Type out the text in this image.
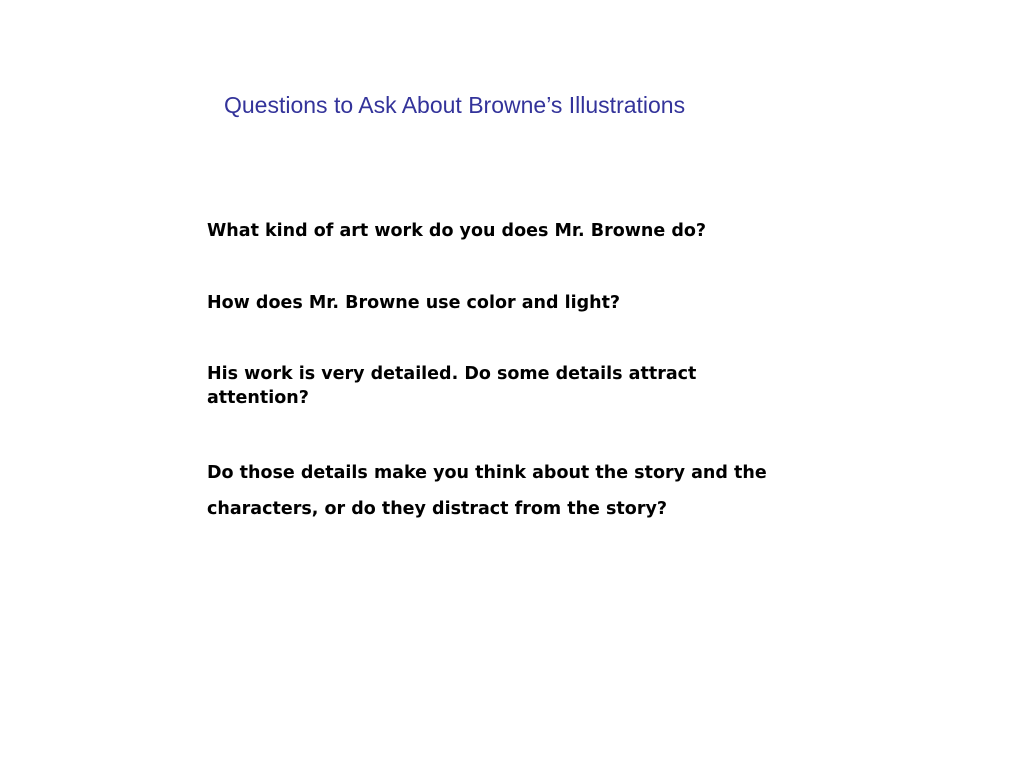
Questions to Ask About Browne’s Illustrations

What kind of art work do you does Mr. Browne do?

How does Mr. Browne use color and light?

His work is very detailed. Do some details attract attention?

Do those details make you think about the story and the characters, or do they distract from the story?
